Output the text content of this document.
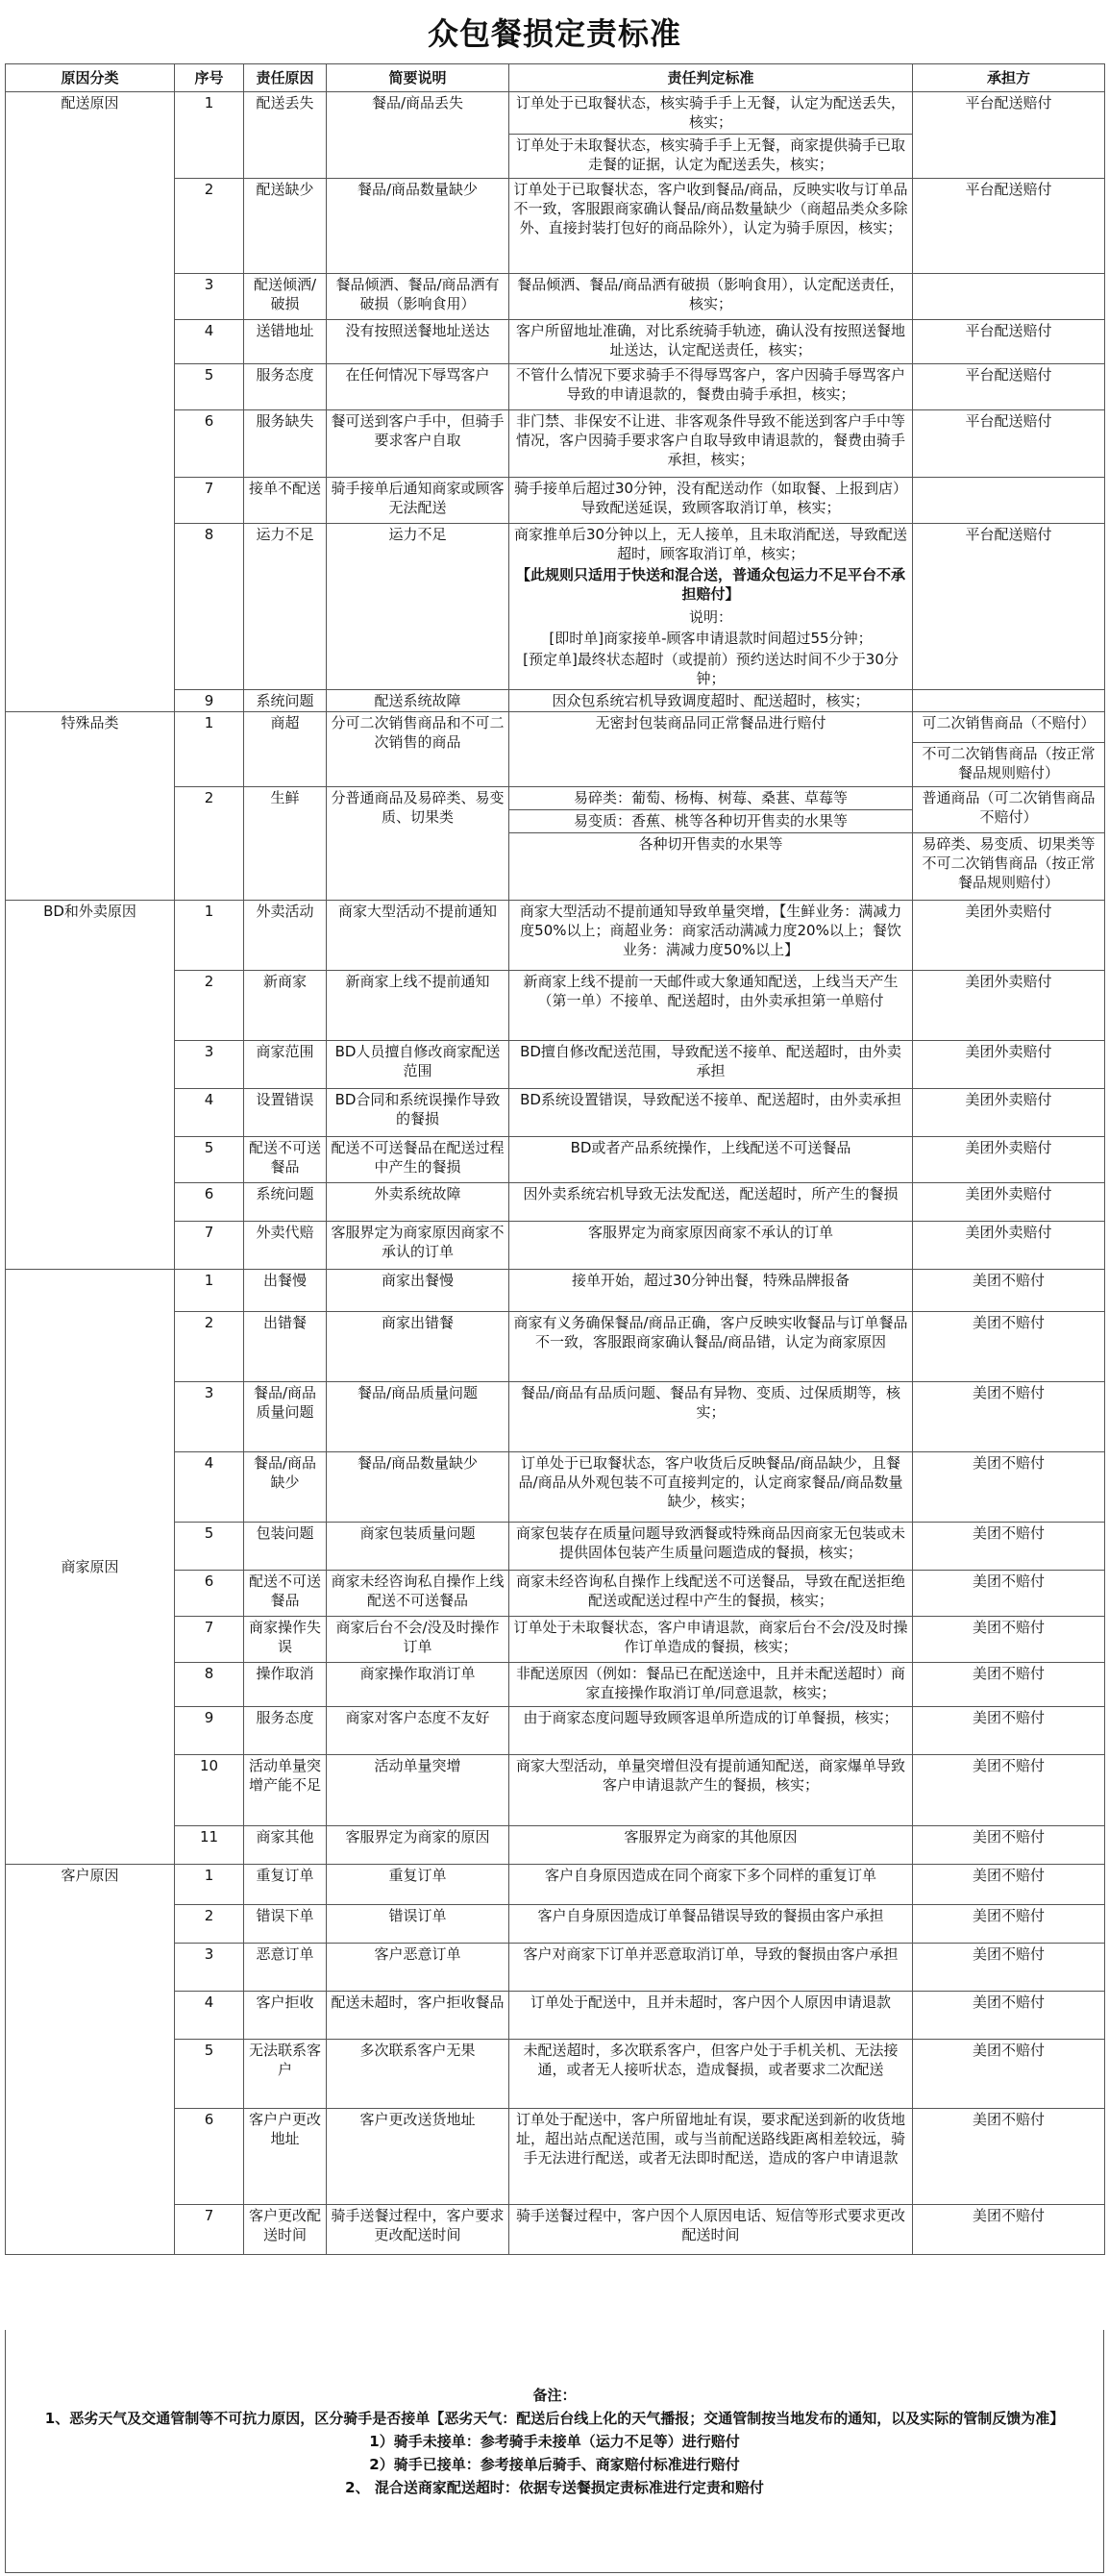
众包餐损定责标准
原因分类	序号	责任原因	简要说明	责任判定标准	承担方
配送原因	1	配送丢失	餐品/商品丢失	订单处于已取餐状态，核实骑手手上无餐，认定为配送丢失，核实；	平台配送赔付
				订单处于未取餐状态，核实骑手手上无餐，商家提供骑手已取走餐的证据，认定为配送丢失，核实；	
	2	配送缺少	餐品/商品数量缺少	订单处于已取餐状态，客户收到餐品/商品，反映实收与订单品不一致，客服跟商家确认餐品/商品数量缺少（商超品类众多除外、直接封装打包好的商品除外），认定为骑手原因，核实；	平台配送赔付
	3	配送倾洒/破损	餐品倾洒、餐品/商品洒有破损（影响食用）	餐品倾洒、餐品/商品洒有破损（影响食用），认定配送责任，核实；	
	4	送错地址	没有按照送餐地址送达	客户所留地址准确，对比系统骑手轨迹，确认没有按照送餐地址送达，认定配送责任，核实；	平台配送赔付
	5	服务态度	在任何情况下辱骂客户	不管什么情况下要求骑手不得辱骂客户，客户因骑手辱骂客户导致的申请退款的，餐费由骑手承担，核实；	平台配送赔付
	6	服务缺失	餐可送到客户手中，但骑手要求客户自取	非门禁、非保安不让进、非客观条件导致不能送到客户手中等情况，客户因骑手要求客户自取导致申请退款的，餐费由骑手承担，核实；	平台配送赔付
	7	接单不配送	骑手接单后通知商家或顾客无法配送	骑手接单后超过30分钟，没有配送动作（如取餐、上报到店）导致配送延误，致顾客取消订单，核实；	
	8	运力不足	运力不足	商家推单后30分钟以上，无人接单，且未取消配送，导致配送超时，顾客取消订单，核实；	平台配送赔付
				【此规则只适用于快送和混合送，普通众包运力不足平台不承担赔付】	
				说明：	
				[即时单]商家接单-顾客申请退款时间超过55分钟；	
				[预定单]最终状态超时（或提前）预约送达时间不少于30分钟；	
	9	系统问题	配送系统故障	因众包系统宕机导致调度超时、配送超时，核实；	
特殊品类	1	商超	分可二次销售商品和不可二次销售的商品	无密封包装商品同正常餐品进行赔付	可二次销售商品（不赔付）
					不可二次销售商品（按正常餐品规则赔付）
	2	生鲜	分普通商品及易碎类、易变质、切果类	易碎类：葡萄、杨梅、树莓、桑葚、草莓等	普通商品（可二次销售商品不赔付）
				易变质：香蕉、桃等各种切开售卖的水果等	
				各种切开售卖的水果等	易碎类、易变质、切果类等不可二次销售商品（按正常餐品规则赔付）

BD和外卖原因	1	外卖活动	商家大型活动不提前通知	商家大型活动不提前通知导致单量突增，【生鲜业务：满减力度50%以上；商超业务：商家活动满减力度20%以上；餐饮业务：满减力度50%以上】	美团外卖赔付
	2	新商家	新商家上线不提前通知	新商家上线不提前一天邮件或大象通知配送，上线当天产生（第一单）不接单、配送超时，由外卖承担第一单赔付	美团外卖赔付
	3	商家范围	BD人员擅自修改商家配送范围	BD擅自修改配送范围，导致配送不接单、配送超时，由外卖承担	美团外卖赔付
	4	设置错误	BD合同和系统误操作导致的餐损	BD系统设置错误，导致配送不接单、配送超时，由外卖承担	美团外卖赔付
	5	配送不可送餐品	配送不可送餐品在配送过程中产生的餐损	BD或者产品系统操作，上线配送不可送餐品	美团外卖赔付
	6	系统问题	外卖系统故障	因外卖系统宕机导致无法发配送，配送超时，所产生的餐损	美团外卖赔付
	7	外卖代赔	客服界定为商家原因商家不承认的订单	客服界定为商家原因商家不承认的订单	美团外卖赔付
商家原因	1	出餐慢	商家出餐慢	接单开始，超过30分钟出餐，特殊品牌报备	美团不赔付
	2	出错餐	商家出错餐	商家有义务确保餐品/商品正确，客户反映实收餐品与订单餐品不一致，客服跟商家确认餐品/商品错，认定为商家原因	美团不赔付
	3	餐品/商品质量问题	餐品/商品质量问题	餐品/商品有品质问题、餐品有异物、变质、过保质期等，核实；	美团不赔付
	4	餐品/商品缺少	餐品/商品数量缺少	订单处于已取餐状态，客户收货后反映餐品/商品缺少，且餐品/商品从外观包装不可直接判定的，认定商家餐品/商品数量缺少，核实；	美团不赔付
	5	包装问题	商家包装质量问题	商家包装存在质量问题导致洒餐或特殊商品因商家无包装或未提供固体包装产生质量问题造成的餐损，核实；	美团不赔付
	6	配送不可送餐品	商家未经咨询私自操作上线配送不可送餐品	商家未经咨询私自操作上线配送不可送餐品，导致在配送拒绝配送或配送过程中产生的餐损，核实；	美团不赔付
	7	商家操作失误	商家后台不会/没及时操作订单	订单处于未取餐状态，客户申请退款，商家后台不会/没及时操作订单造成的餐损，核实；	美团不赔付
	8	操作取消	商家操作取消订单	非配送原因（例如：餐品已在配送途中，且并未配送超时）商家直接操作取消订单/同意退款，核实；	美团不赔付
	9	服务态度	商家对客户态度不友好	由于商家态度问题导致顾客退单所造成的订单餐损，核实；	美团不赔付
	10	活动单量突增产能不足	活动单量突增	商家大型活动，单量突增但没有提前通知配送，商家爆单导致客户申请退款产生的餐损，核实；	美团不赔付
	11	商家其他	客服界定为商家的原因	客服界定为商家的其他原因	美团不赔付
客户原因	1	重复订单	重复订单	客户自身原因造成在同个商家下多个同样的重复订单	美团不赔付
	2	错误下单	错误订单	客户自身原因造成订单餐品错误导致的餐损由客户承担	美团不赔付
	3	恶意订单	客户恶意订单	客户对商家下订单并恶意取消订单，导致的餐损由客户承担	美团不赔付
	4	客户拒收	配送未超时，客户拒收餐品	订单处于配送中，且并未超时，客户因个人原因申请退款	美团不赔付
	5	无法联系客户	多次联系客户无果	未配送超时，多次联系客户，但客户处于手机关机、无法接通，或者无人接听状态，造成餐损，或者要求二次配送	美团不赔付
	6	客户户更改地址	客户更改送货地址	订单处于配送中，客户所留地址有误，要求配送到新的收货地址，超出站点配送范围，或与当前配送路线距离相差较远，骑手无法进行配送，或者无法即时配送，造成的客户申请退款	美团不赔付
	7	客户更改配送时间	骑手送餐过程中，客户要求更改配送时间	骑手送餐过程中，客户因个人原因电话、短信等形式要求更改配送时间	美团不赔付
备注：
1、恶劣天气及交通管制等不可抗力原因，区分骑手是否接单【恶劣天气：配送后台线上化的天气播报；交通管制按当地发布的通知，以及实际的管制反馈为准】
1）骑手未接单：参考骑手未接单（运力不足等）进行赔付
2）骑手已接单：参考接单后骑手、商家赔付标准进行赔付
2、 混合送商家配送超时：依据专送餐损定责标准进行定责和赔付
